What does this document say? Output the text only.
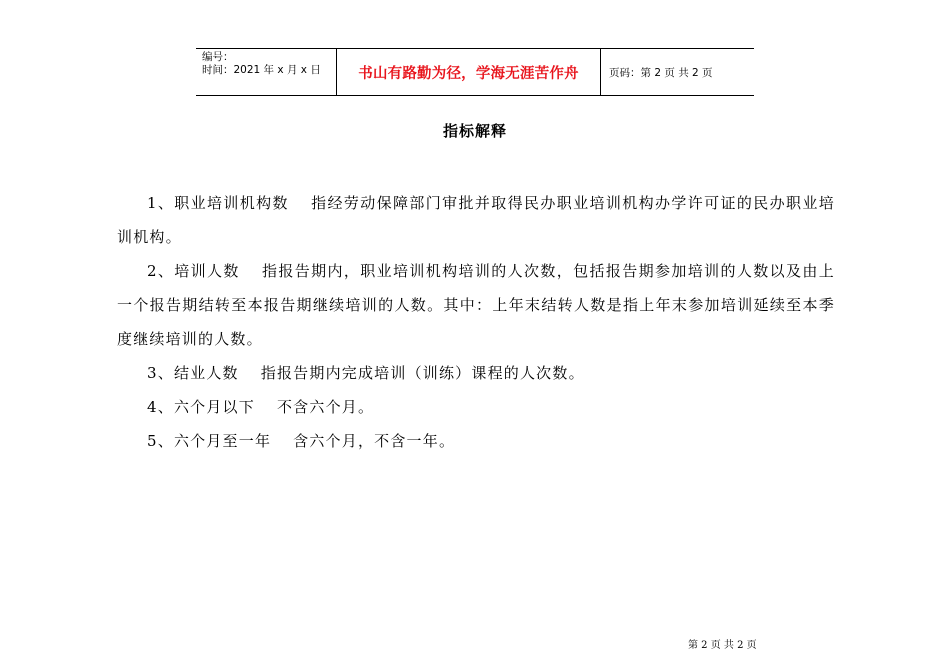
编号：
时间：2021 年 x 月 x 日	书山有路勤为径，学海无涯苦作舟	页码：第 2 页 共 2 页
指标解释

1、职业培训机构数 指经劳动保障部门审批并取得民办职业培训机构办学许可证的民办职业培训机构。

2、培训人数 指报告期内，职业培训机构培训的人次数，包括报告期参加培训的人数以及由上一个报告期结转至本报告期继续培训的人数。其中：上年末结转人数是指上年末参加培训延续至本季度继续培训的人数。

3、结业人数 指报告期内完成培训（训练）课程的人次数。

4、六个月以下 不含六个月。

5、六个月至一年 含六个月，不含一年。

第 2 页 共 2 页
